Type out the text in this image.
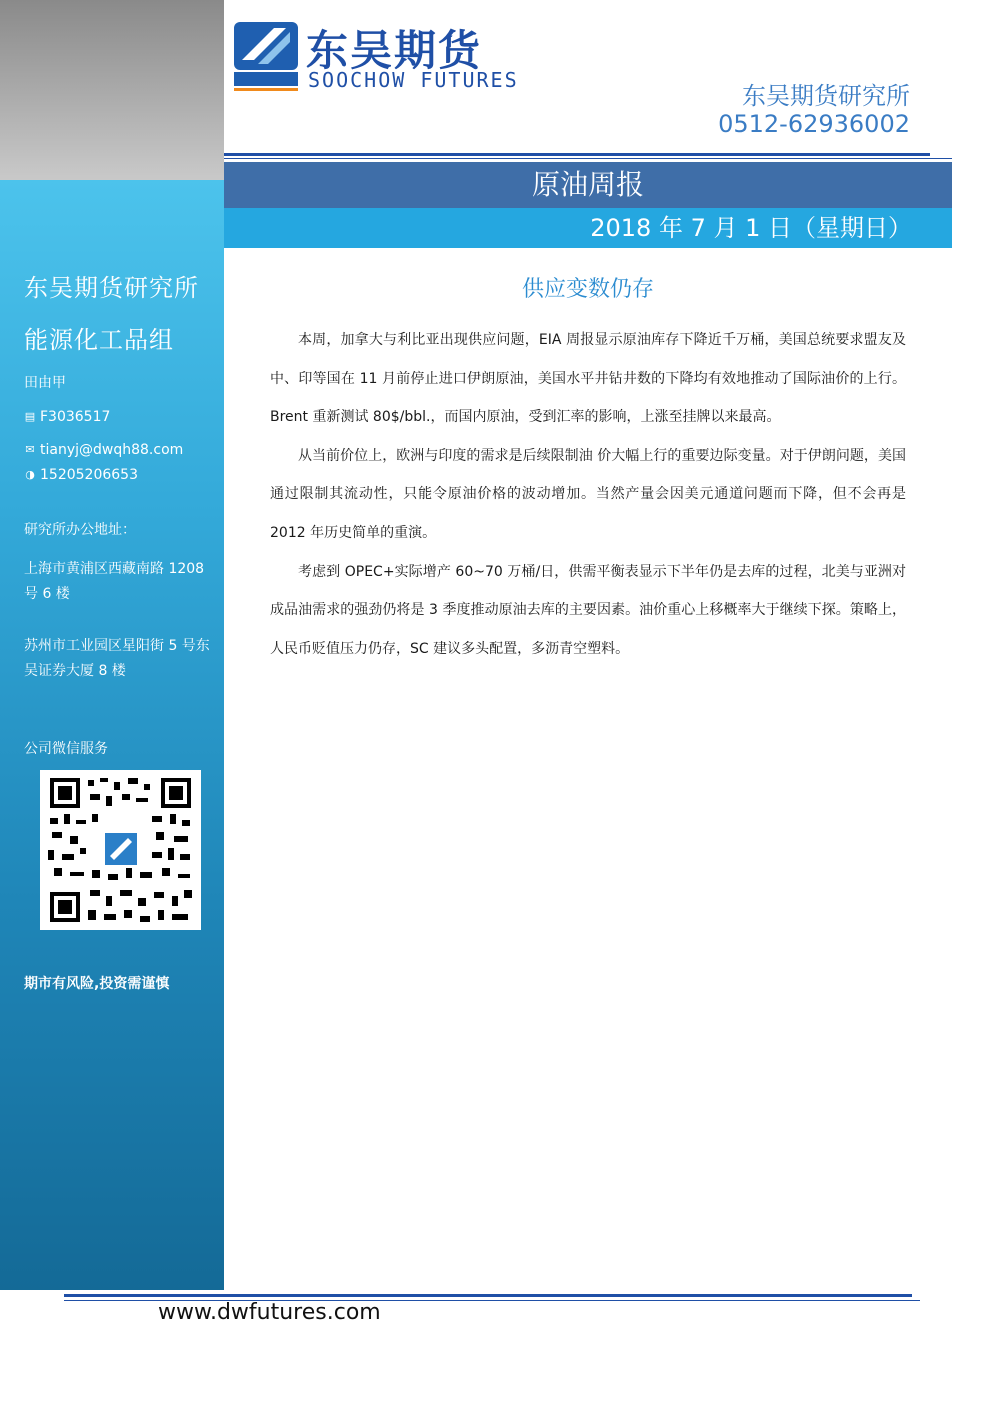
东吴期货研究所
能源化工品组
田由甲
▤ F3036517
✉ tianyj@dwqh88.com
◑ 15205206653
研究所办公地址：
上海市黄浦区西藏南路 1208 号 6 楼
苏州市工业园区星阳街 5 号东吴证券大厦 8 楼
公司微信服务
期市有风险,投资需谨慎
东吴期货
SOOCHOW FUTURES
东吴期货研究所
0512-62936002
原油周报
2018 年 7 月 1 日（星期日）
供应变数仍存

本周，加拿大与利比亚出现供应问题，EIA 周报显示原油库存下降近千万桶，美国总统要求盟友及中、印等国在 11 月前停止进口伊朗原油，美国水平井钻井数的下降均有效地推动了国际油价的上行。Brent 重新测试 80$/bbl.，而国内原油，受到汇率的影响，上涨至挂牌以来最高。

从当前价位上，欧洲与印度的需求是后续限制油 价大幅上行的重要边际变量。对于伊朗问题，美国通过限制其流动性，只能令原油价格的波动增加。当然产量会因美元通道问题而下降，但不会再是 2012 年历史简单的重演。

考虑到 OPEC+实际增产 60~70 万桶/日，供需平衡表显示下半年仍是去库的过程，北美与亚洲对成品油需求的强劲仍将是 3 季度推动原油去库的主要因素。油价重心上移概率大于继续下探。策略上，人民币贬值压力仍存，SC 建议多头配置，多沥青空塑料。

www.dwfutures.com
